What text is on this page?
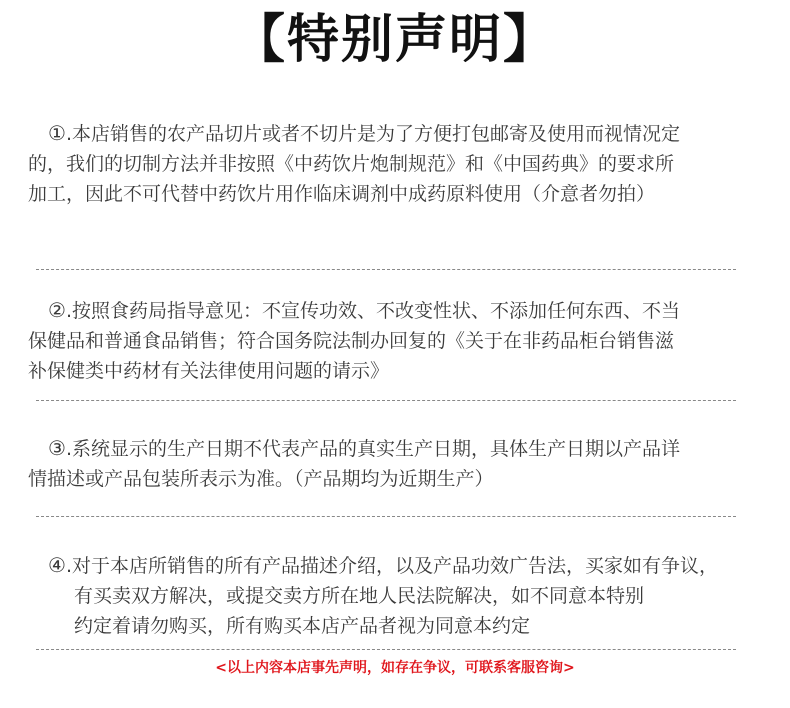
【特别声明】
①.本店销售的农产品切片或者不切片是为了方便打包邮寄及使用而视情况定
的，我们的切制方法并非按照《中药饮片炮制规范》和《中国药典》的要求所
加工，因此不可代替中药饮片用作临床调剂中成药原料使用（介意者勿拍）
②.按照食药局指导意见：不宣传功效、不改变性状、不添加任何东西、不当
保健品和普通食品销售；符合国务院法制办回复的《关于在非药品柜台销售滋
补保健类中药材有关法律使用问题的请示》
③.系统显示的生产日期不代表产品的真实生产日期，具体生产日期以产品详
情描述或产品包装所表示为准。（产品期均为近期生产）
④.对于本店所销售的所有产品描述介绍，以及产品功效广告法，买家如有争议，
有买卖双方解决，或提交卖方所在地人民法院解决，如不同意本特别
约定着请勿购买，所有购买本店产品者视为同意本约定
<以上内容本店事先声明，如存在争议，可联系客服咨询>
